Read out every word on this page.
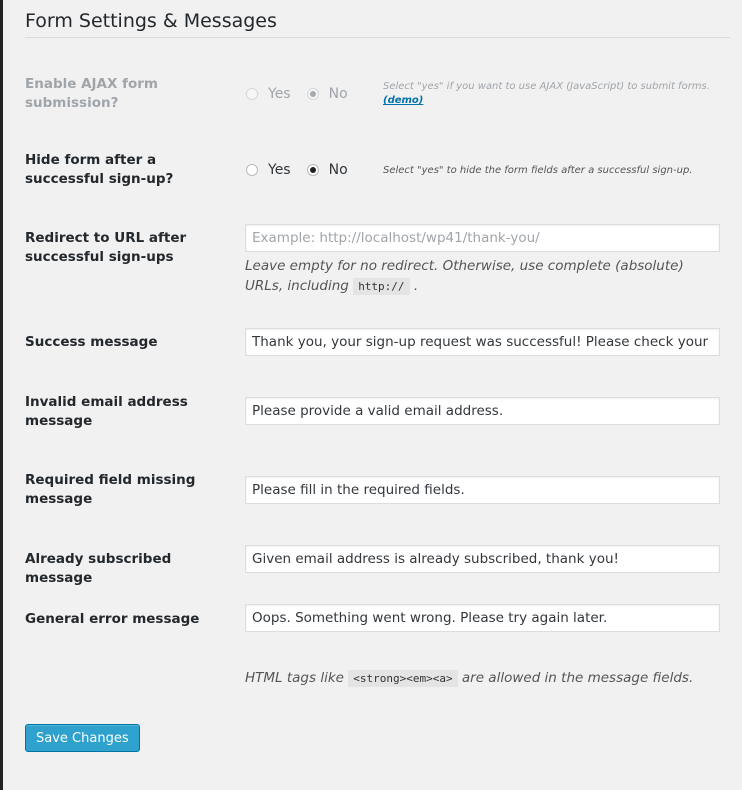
Form Settings & Messages
Enable AJAX form submission?
Yes	No	Select "yes" if you want to use AJAX (JavaScript) to submit forms.
(demo)
Hide form after a successful sign-up?
Yes	No	Select "yes" to hide the form fields after a successful sign-up.
Redirect to URL after successful sign-ups
Example: http://localhost/wp41/thank-you/
Leave empty for no redirect. Otherwise, use complete (absolute) URLs, including http:// .
Success message
Thank you, your sign-up request was successful! Please check your e-mail inbox to confirm.
Invalid email address message
Please provide a valid email address.
Required field missing message
Please fill in the required fields.
Already subscribed message
Given email address is already subscribed, thank you!
General error message
Oops. Something went wrong. Please try again later.
HTML tags like <strong><em><a> are allowed in the message fields.
Save Changes
